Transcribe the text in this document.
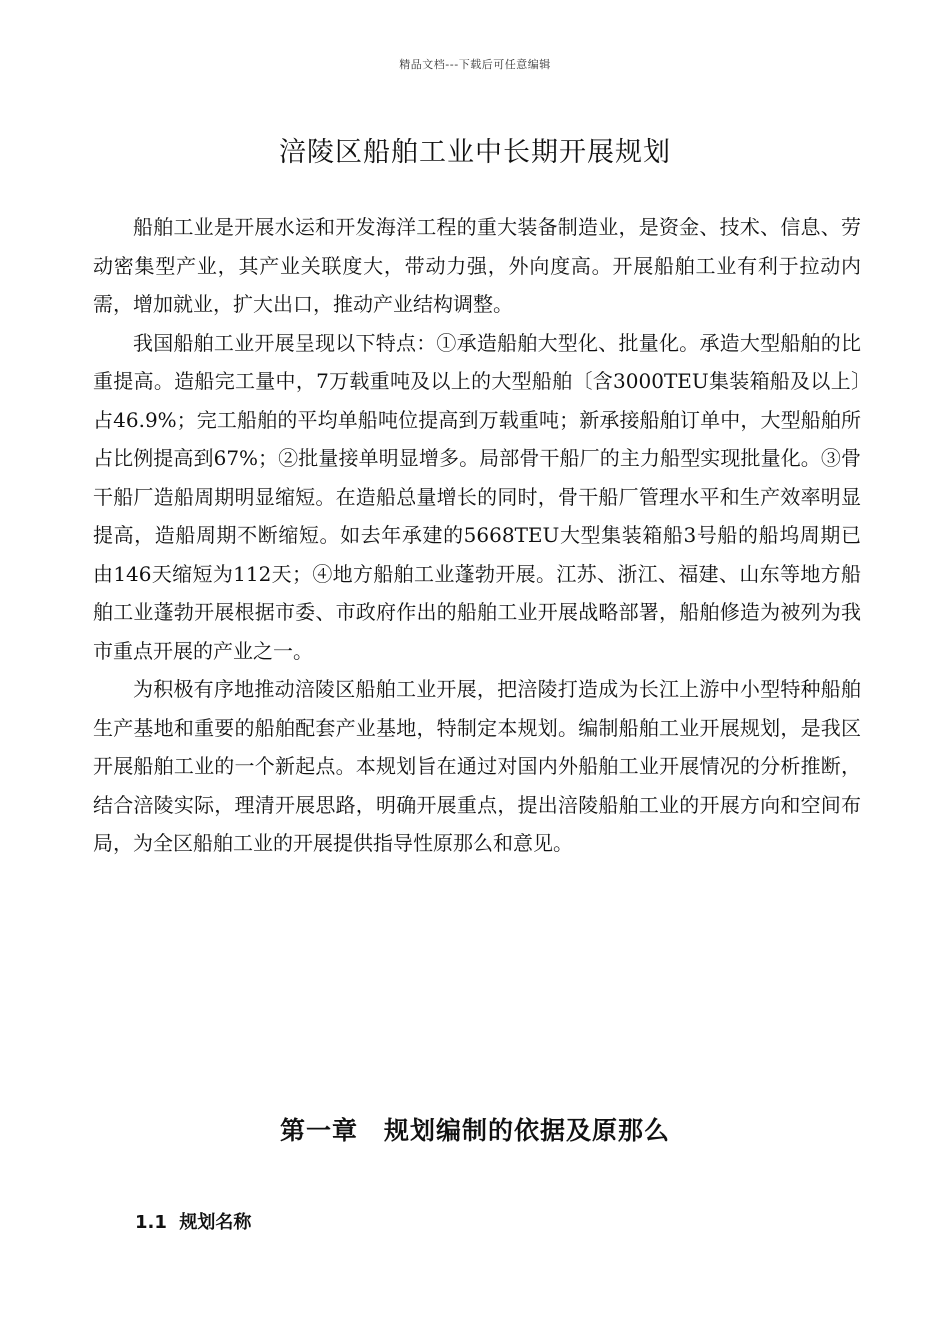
精品文档---下载后可任意编辑
涪陵区船舶工业中长期开展规划

船舶工业是开展水运和开发海洋工程的重大装备制造业，是资金、技术、信息、劳动密集型产业，其产业关联度大，带动力强，外向度高。开展船舶工业有利于拉动内需，增加就业，扩大出口，推动产业结构调整。

我国船舶工业开展呈现以下特点：①承造船舶大型化、批量化。承造大型船舶的比重提高。造船完工量中，7万载重吨及以上的大型船舶〔含3000TEU集装箱船及以上〕占46.9%；完工船舶的平均单船吨位提高到万载重吨；新承接船舶订单中，大型船舶所占比例提高到67%；②批量接单明显增多。局部骨干船厂的主力船型实现批量化。③骨干船厂造船周期明显缩短。在造船总量增长的同时，骨干船厂管理水平和生产效率明显提高，造船周期不断缩短。如去年承建的5668TEU大型集装箱船3号船的船坞周期已由146天缩短为112天；④地方船舶工业蓬勃开展。江苏、浙江、福建、山东等地方船舶工业蓬勃开展根据市委、市政府作出的船舶工业开展战略部署，船舶修造为被列为我市重点开展的产业之一。

为积极有序地推动涪陵区船舶工业开展，把涪陵打造成为长江上游中小型特种船舶生产基地和重要的船舶配套产业基地，特制定本规划。编制船舶工业开展规划，是我区开展船舶工业的一个新起点。本规划旨在通过对国内外船舶工业开展情况的分析推断，结合涪陵实际，理清开展思路，明确开展重点，提出涪陵船舶工业的开展方向和空间布局，为全区船舶工业的开展提供指导性原那么和意见。

第一章　规划编制的依据及原那么
1.1  规划名称
